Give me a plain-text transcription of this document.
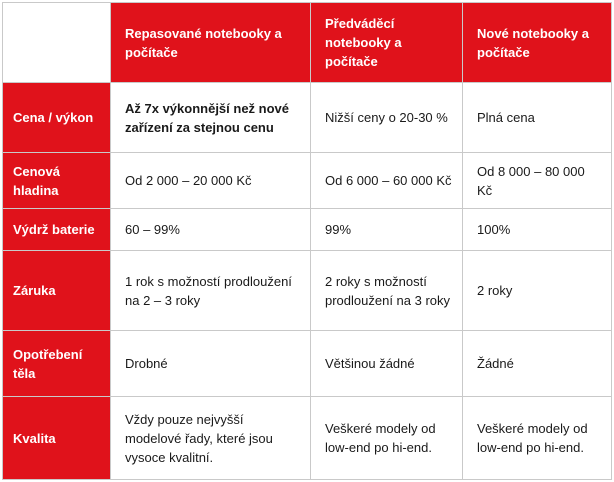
	Repasované notebooky a počítače	Předváděcí notebooky a počítače	Nové notebooky a počítače
Cena / výkon	Až 7x výkonnější než nové zařízení za stejnou cenu	Nižší ceny o 20-30 %	Plná cena
Cenová hladina	Od 2 000 – 20 000 Kč	Od 6 000 – 60 000 Kč	Od 8 000 – 80 000 Kč
Výdrž baterie	60 – 99%	99%	100%
Záruka	1 rok s možností prodloužení na 2 – 3 roky	2 roky s možností prodloužení na 3 roky	2 roky
Opotřebení těla	Drobné	Většinou žádné	Žádné
Kvalita	Vždy pouze nejvyšší modelové řady, které jsou vysoce kvalitní.	Veškeré modely od low-end po hi-end.	Veškeré modely od low-end po hi-end.
